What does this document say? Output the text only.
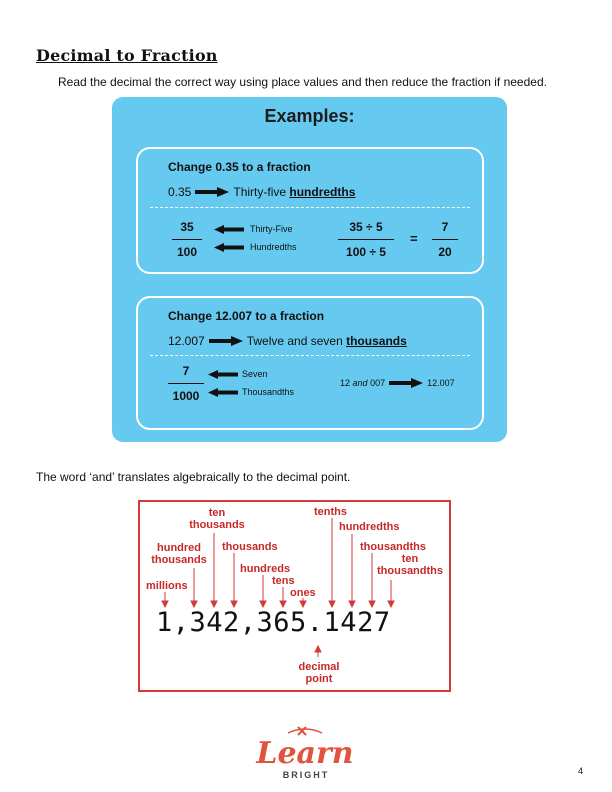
Decimal to Fraction
Read the decimal the correct way using place values and then reduce the fraction if needed.
Examples:
Change 0.35 to a fraction
0.35	Thirty-five
hundredths
35
100
Thirty-Five
Hundredths
35 ÷ 5
100 ÷ 5
=
7
20
Change 12.007 to a fraction
12.007	Twelve and seven
thousands
7
1000
Seven
Thousandths
12
and
007	12.007
The word ‘and’ translates algebraically to the decimal point.
millions
hundred
thousands
ten
thousands
thousands
hundreds
tens
ones
tenths
hundredths
thousandths
ten
thousandths
1,342,365.1427
decimal
point
Learn
BRIGHT	4
